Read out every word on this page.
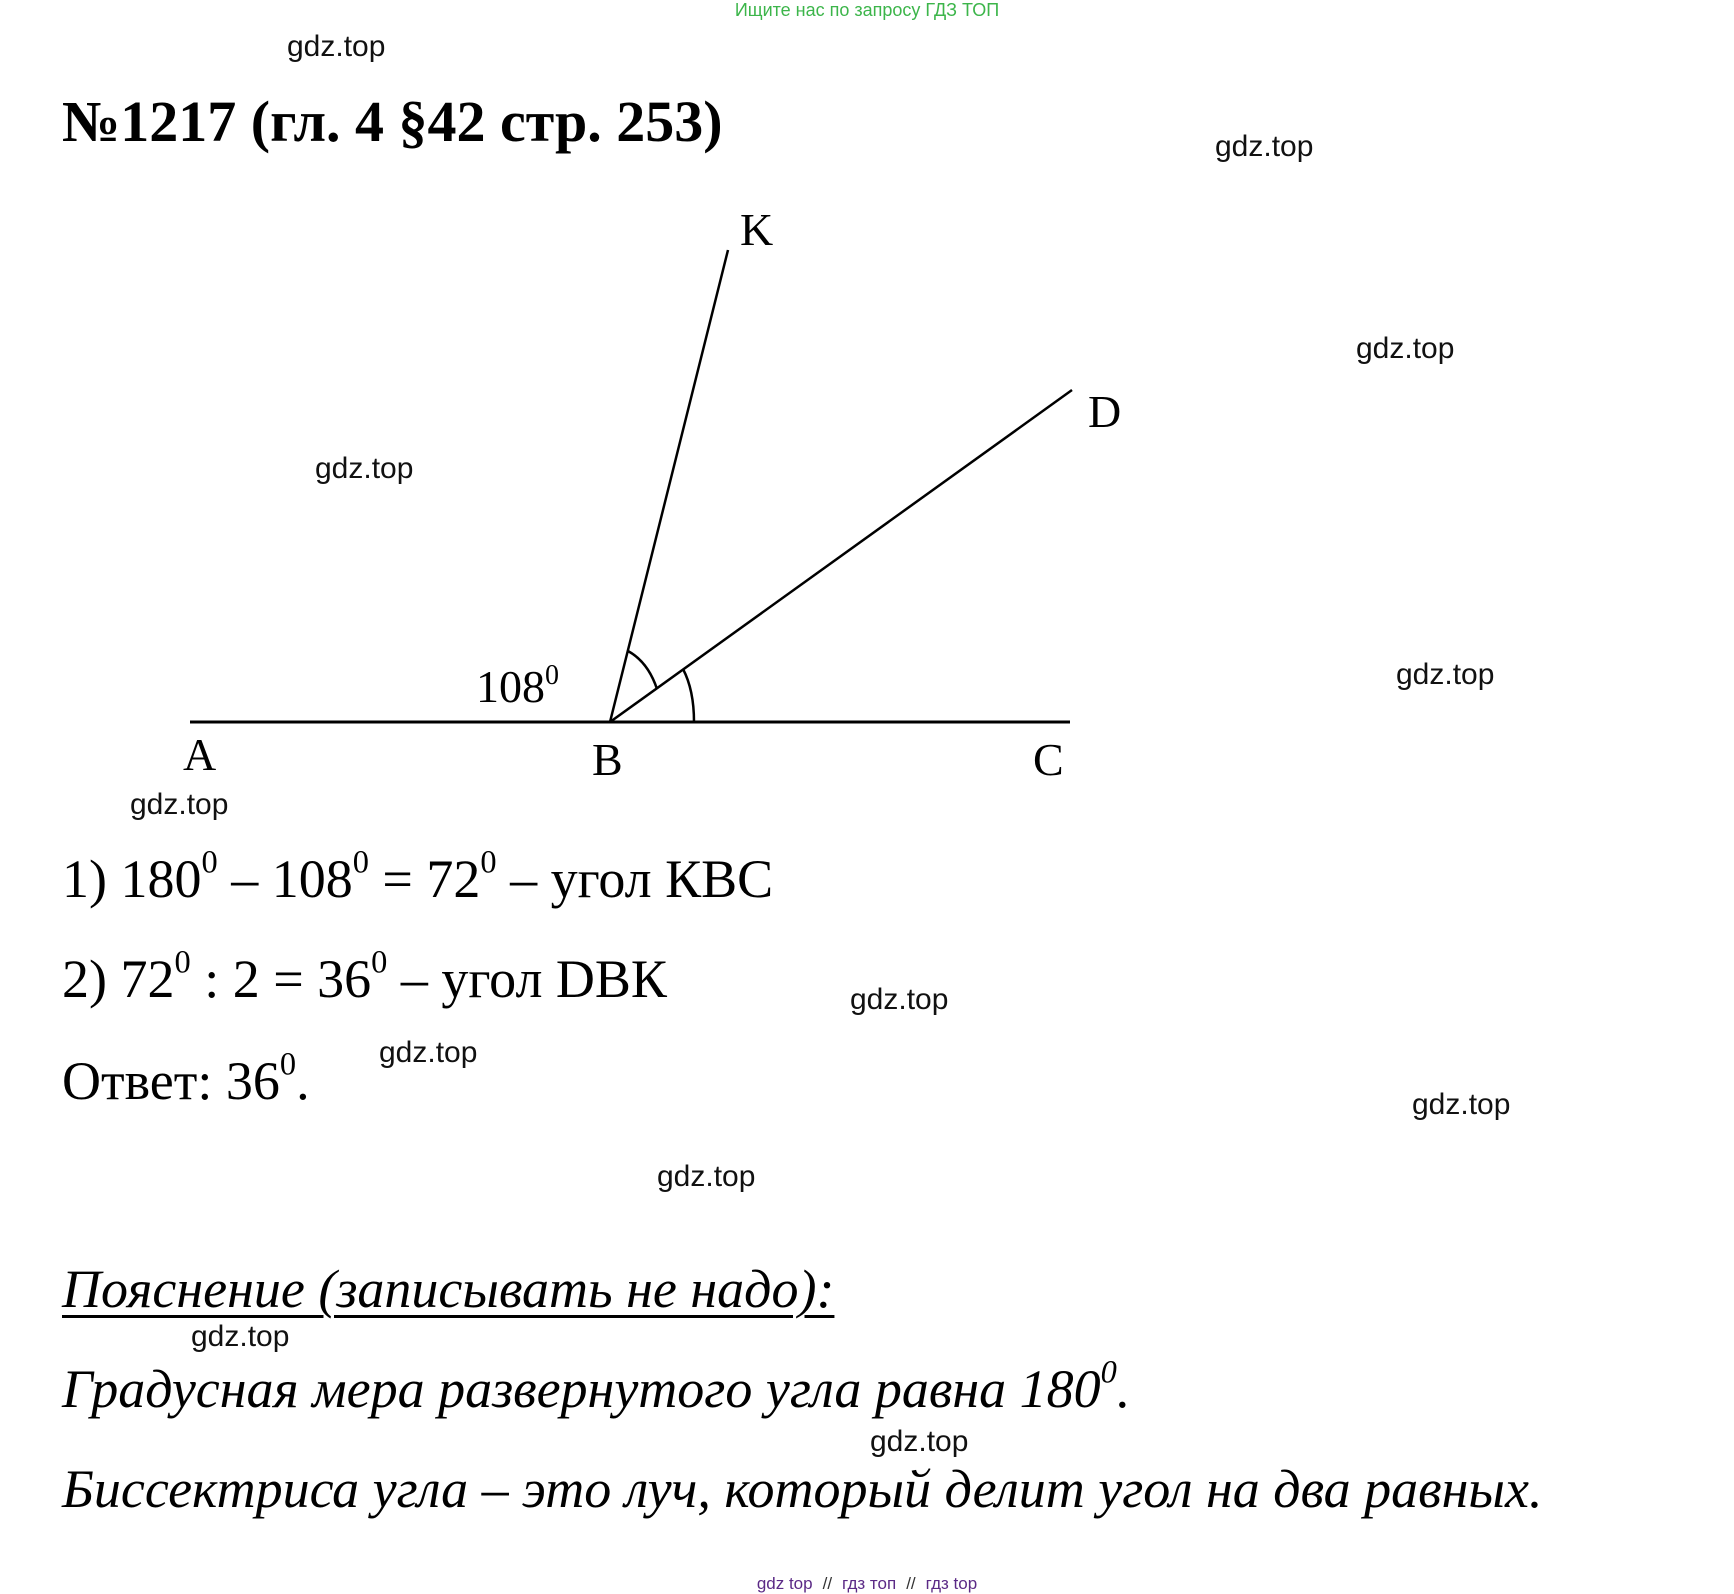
Ищите нас по запросу ГДЗ ТОП
№1217 (гл. 4 §42 стр. 253)
K
D
A	B	C
$108^0$
1) $180^0 - 108^0 = 72^0$ – угол КВС
2) $72^0$ : $2 = 36^0$ – угол DВК
Ответ: $36^0$.
Пояснение (записывать не надо):
Градусная мера развернутого угла равна $180^0$.
Биссектриса угла – это луч, который делит угол на два равных.
gdz.top
gdz.top
gdz.top
gdz.top
gdz.top
gdz.top
gdz.top
gdz.top
gdz.top
gdz.top
gdz.top
gdz.top
gdz top // гдз топ // гдз top
